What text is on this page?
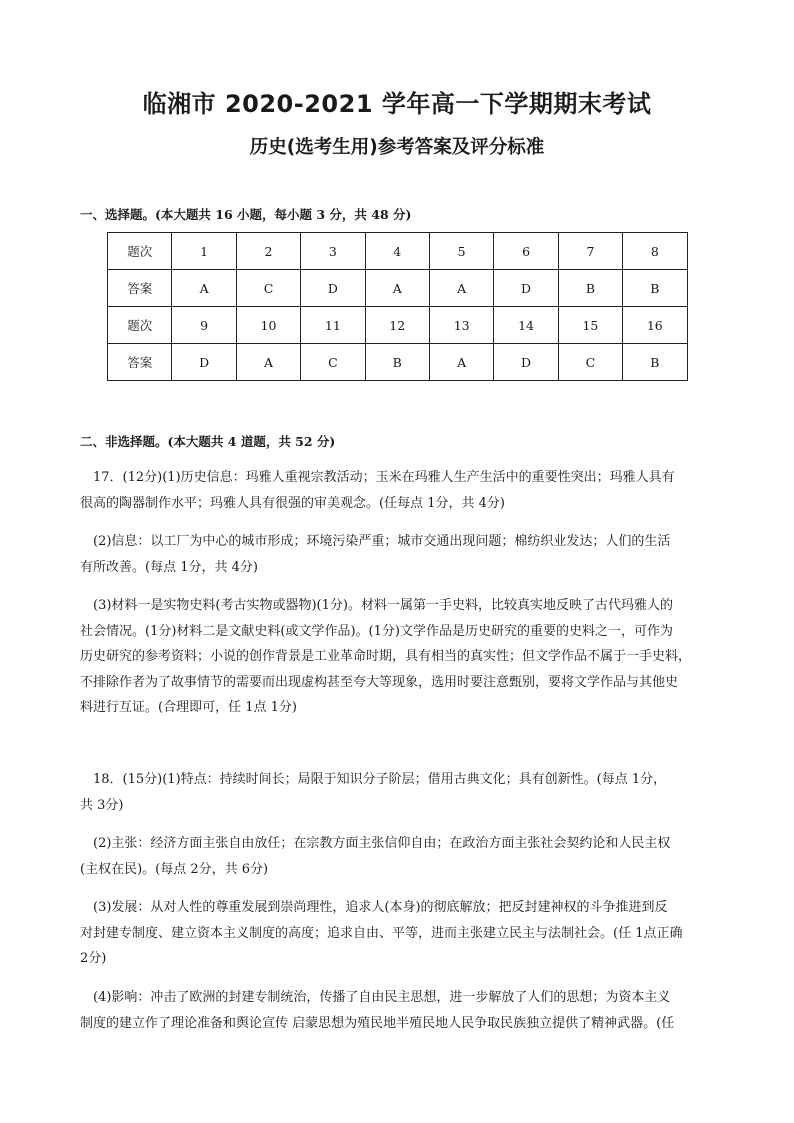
临湘市 2020-2021 学年高一下学期期末考试
历史(选考生用)参考答案及评分标准
一、选择题。(本大题共 16 小题，每小题 3 分，共 48 分)
题次	1	2	3	4	5	6	7	8
答案	A	C	D	A	A	D	B	B
题次	9	10	11	12	13	14	15	16
答案	D	A	C	B	A	D	C	B
二、非选择题。(本大题共 4 道题，共 52 分)
　17．(12分)(1)历史信息：玛雅人重视宗教活动；玉米在玛雅人生产生活中的重要性突出；玛雅人具有
很高的陶器制作水平；玛雅人具有很强的审美观念。(任每点 1分，共 4分)
　(2)信息：以工厂为中心的城市形成；环境污染严重；城市交通出现问题；棉纺织业发达；人们的生活
有所改善。(每点 1分，共 4分)
　(3)材料一是实物史料(考古实物或器物)(1分)。材料一属第一手史料，比较真实地反映了古代玛雅人的
社会情况。(1分)材料二是文献史料(或文学作品)。(1分)文学作品是历史研究的重要的史料之一，可作为
历史研究的参考资料；小说的创作背景是工业革命时期，具有相当的真实性；但文学作品不属于一手史料，
不排除作者为了故事情节的需要而出现虚构甚至夸大等现象，选用时要注意甄别，要将文学作品与其他史
料进行互证。(合理即可，任 1点 1分)
　18．(15分)(1)特点：持续时间长；局限于知识分子阶层；借用古典文化；具有创新性。(每点 1分，
共 3分)
　(2)主张：经济方面主张自由放任；在宗教方面主张信仰自由；在政治方面主张社会契约论和人民主权
(主权在民)。(每点 2分，共 6分)
　(3)发展：从对人性的尊重发展到崇尚理性，追求人(本身)的彻底解放；把反封建神权的斗争推进到反
对封建专制度、建立资本主义制度的高度；追求自由、平等，进而主张建立民主与法制社会。(任 1点正确
2分)
　(4)影响：冲击了欧洲的封建专制统治，传播了自由民主思想，进一步解放了人们的思想；为资本主义
制度的建立作了理论准备和舆论宣传 启蒙思想为殖民地半殖民地人民争取民族独立提供了精神武器。(任
